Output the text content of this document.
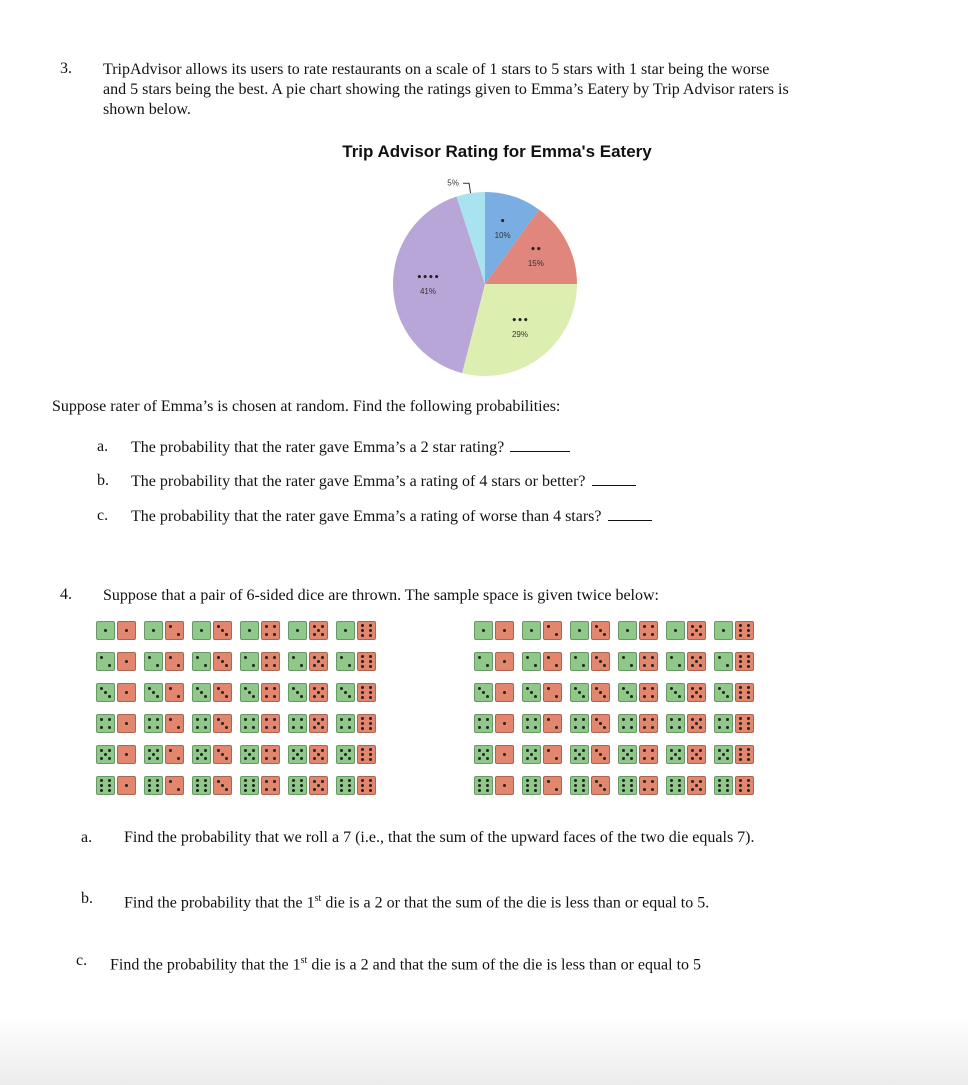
3. TripAdvisor allows its users to rate restaurants on a scale of 1 stars to 5 stars with 1 star being the worse
and 5 stars being the best. A pie chart showing the ratings given to Emma’s Eatery by Trip Advisor raters is
shown below.
Trip Advisor Rating for Emma's Eatery
•
10%
••
15%
•••
29%
••••
41%
5%
Suppose rater of Emma’s is chosen at random. Find the following probabilities:
a. The probability that the rater gave Emma’s a 2 star rating?
b. The probability that the rater gave Emma’s a rating of 4 stars or better?
c. The probability that the rater gave Emma’s a rating of worse than 4 stars?
4. Suppose that a pair of 6-sided dice are thrown. The sample space is given twice below:
a. Find the probability that we roll a 7 (i.e., that the sum of the upward faces of the two die equals 7).
b. Find the probability that the 1st die is a 2 or that the sum of the die is less than or equal to 5.
c. Find the probability that the 1st die is a 2 and that the sum of the die is less than or equal to 5
